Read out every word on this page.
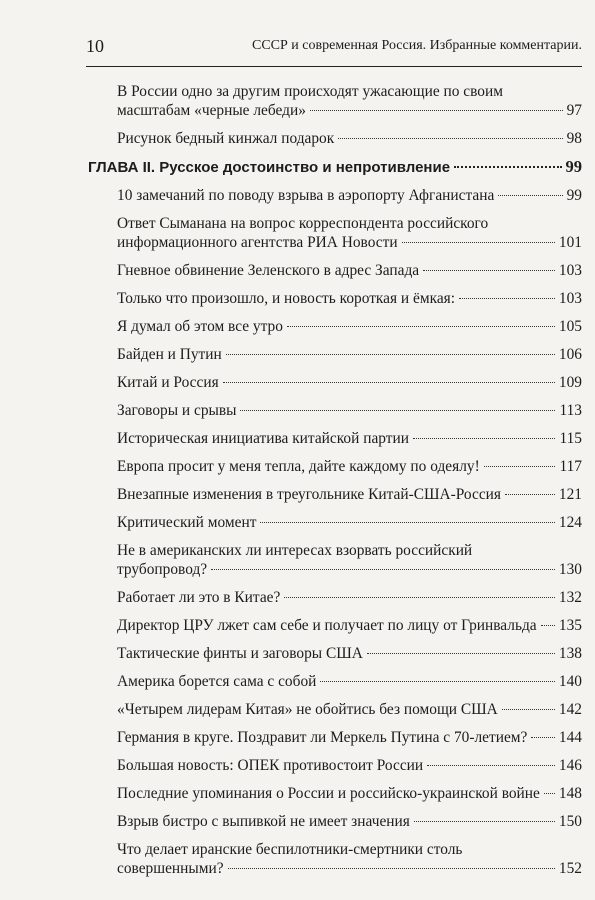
10	СССР и современная Россия. Избранные комментарии.
В России одно за другим происходят ужасающие по своим
масштабам «черные лебеди»	97
Рисунок бедный кинжал подарок	98
ГЛАВА II. Русское достоинство и непротивление	99
10 замечаний по поводу взрыва в аэропорту Афганистана	99
Ответ Сыманана на вопрос корреспондента российского
информационного агентства РИА Новости	101
Гневное обвинение Зеленского в адрес Запада	103
Только что произошло, и новость короткая и ёмкая:	103
Я думал об этом все утро	105
Байден и Путин	106
Китай и Россия	109
Заговоры и срывы	113
Историческая инициатива китайской партии	115
Европа просит у меня тепла, дайте каждому по одеялу!	117
Внезапные изменения в треугольнике Китай-США-Россия	121
Критический момент	124
Не в американских ли интересах взорвать российский
трубопровод?	130
Работает ли это в Китае?	132
Директор ЦРУ лжет сам себе и получает по лицу от Гринвальда 135
Тактические финты и заговоры США	138
Америка борется сама с собой	140
«Четырем лидерам Китая» не обойтись без помощи США	142
Германия в круге. Поздравит ли Меркель Путина с 70-летием? 144
Большая новость: ОПЕК противостоит России	146
Последние упоминания о России и российско-украинской войне 148
Взрыв бистро с выпивкой не имеет значения	150
Что делает иранские беспилотники-смертники столь
совершенными?	152
